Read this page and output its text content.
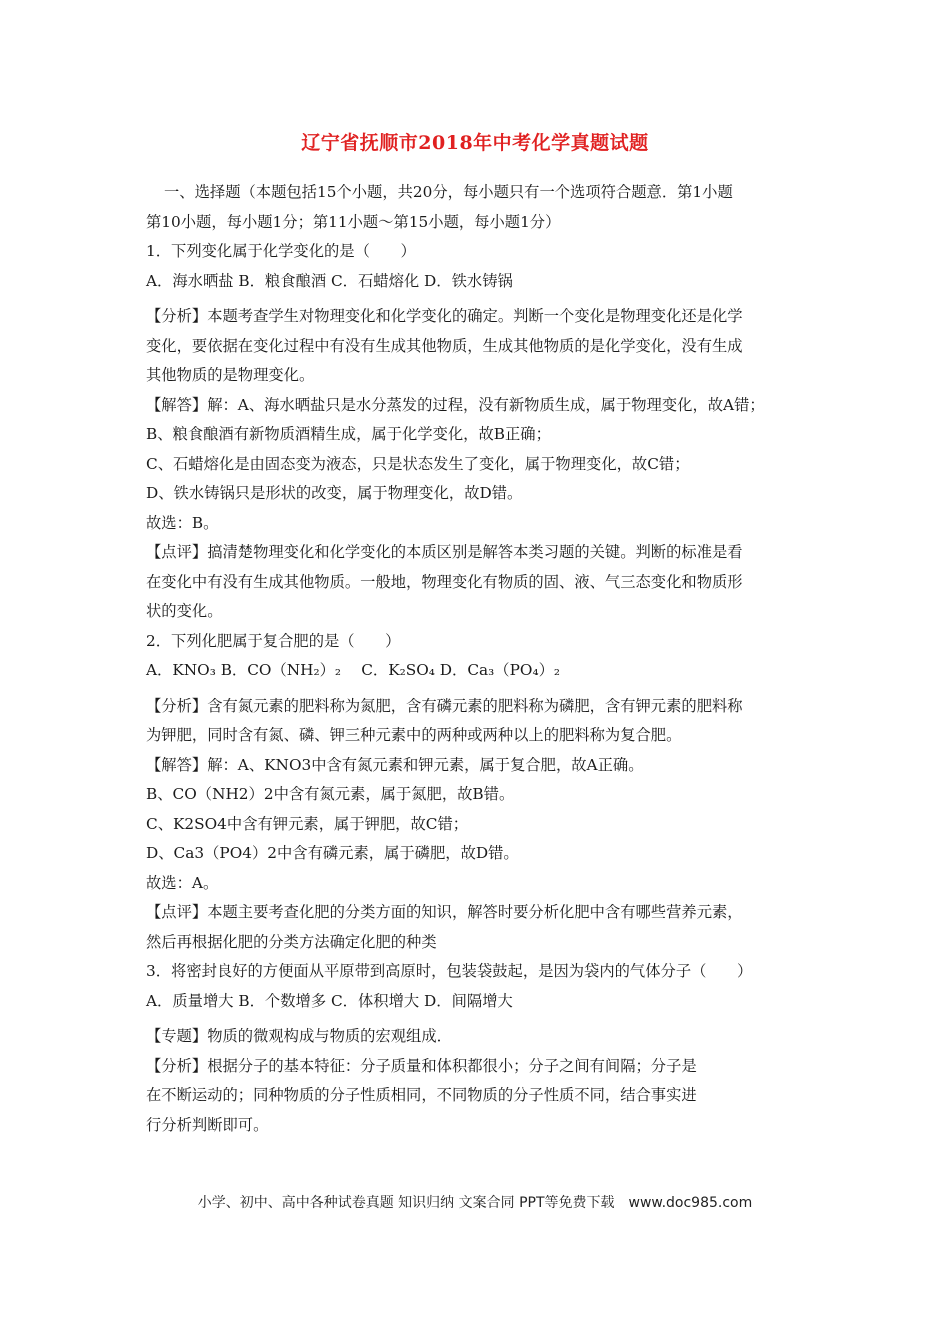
辽宁省抚顺市2018年中考化学真题试题
一、选择题（本题包括15个小题，共20分，每小题只有一个选项符合题意．第1小题
第10小题，每小题1分；第11小题～第15小题，每小题1分）
1．下列变化属于化学变化的是（　　）
A．海水晒盐 B．粮食酿酒 C．石蜡熔化 D．铁水铸锅
【分析】本题考查学生对物理变化和化学变化的确定。判断一个变化是物理变化还是化学
变化，要依据在变化过程中有没有生成其他物质，生成其他物质的是化学变化，没有生成
其他物质的是物理变化。
【解答】解：A、海水晒盐只是水分蒸发的过程，没有新物质生成，属于物理变化，故A错；
B、粮食酿酒有新物质酒精生成，属于化学变化，故B正确；
C、石蜡熔化是由固态变为液态，只是状态发生了变化，属于物理变化，故C错；
D、铁水铸锅只是形状的改变，属于物理变化，故D错。
故选：B。
【点评】搞清楚物理变化和化学变化的本质区别是解答本类习题的关键。判断的标准是看
在变化中有没有生成其他物质。一般地，物理变化有物质的固、液、气三态变化和物质形
状的变化。
2．下列化肥属于复合肥的是（　　）
A．KNO₃ B．CO（NH₂）₂　 C．K₂SO₄ D．Ca₃（PO₄）₂
【分析】含有氮元素的肥料称为氮肥，含有磷元素的肥料称为磷肥，含有钾元素的肥料称
为钾肥，同时含有氮、磷、钾三种元素中的两种或两种以上的肥料称为复合肥。
【解答】解：A、KNO3中含有氮元素和钾元素，属于复合肥，故A正确。
B、CO（NH2）2中含有氮元素，属于氮肥，故B错。
C、K2SO4中含有钾元素，属于钾肥，故C错；
D、Ca3（PO4）2中含有磷元素，属于磷肥，故D错。
故选：A。
【点评】本题主要考查化肥的分类方面的知识，解答时要分析化肥中含有哪些营养元素，
然后再根据化肥的分类方法确定化肥的种类
3．将密封良好的方便面从平原带到高原时，包装袋鼓起，是因为袋内的气体分子（　　）
A．质量增大 B．个数增多 C．体积增大 D．间隔增大
【专题】物质的微观构成与物质的宏观组成．
【分析】根据分子的基本特征：分子质量和体积都很小；分子之间有间隔；分子是
在不断运动的；同种物质的分子性质相同，不同物质的分子性质不同，结合事实进
行分析判断即可。
小学、初中、高中各种试卷真题 知识归纳 文案合同 PPT等免费下载　www.doc985.com
